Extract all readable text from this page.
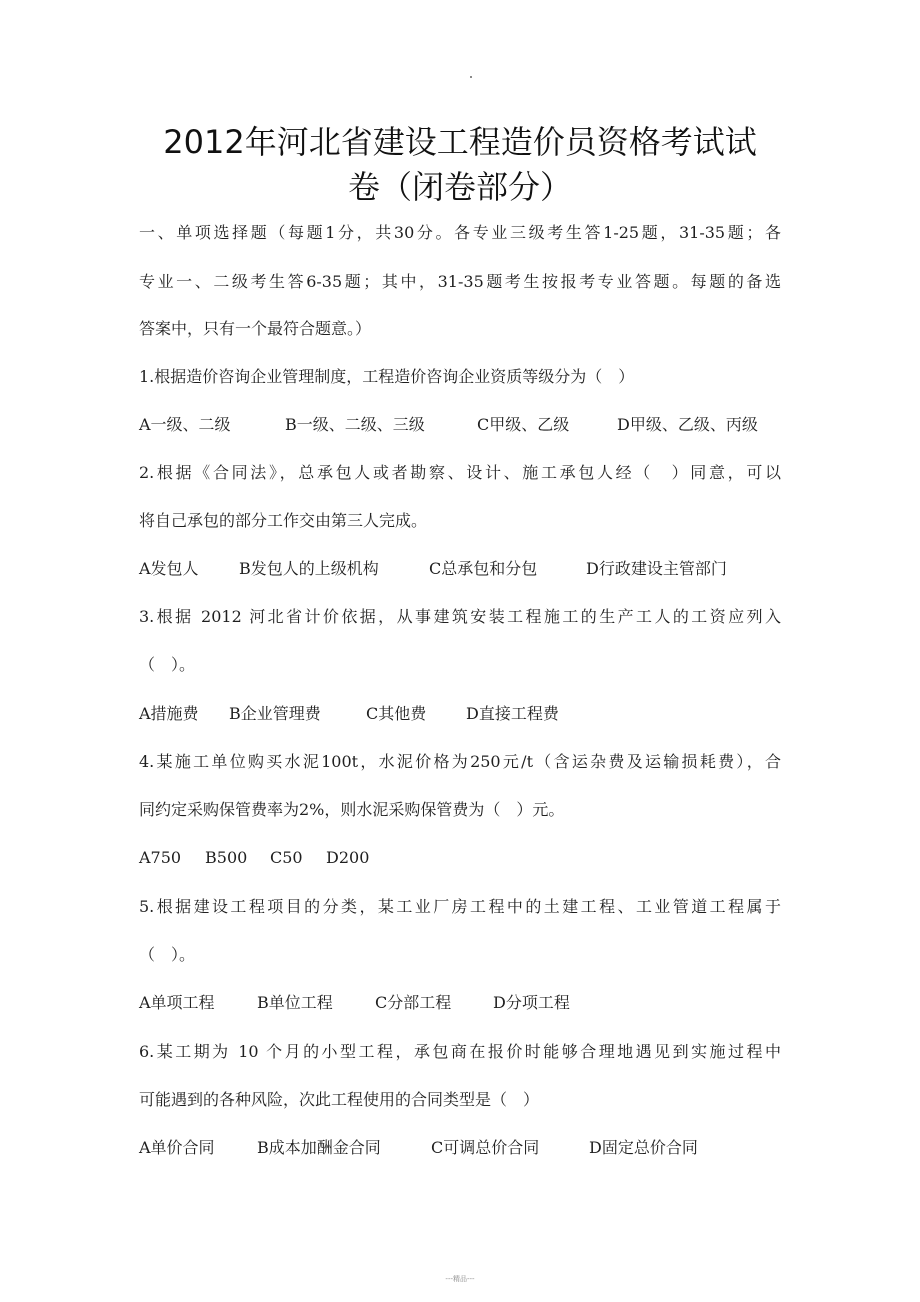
2012年河北省建设工程造价员资格考试试
卷（闭卷部分）
一、单项选择题（每题1分，共30分。各专业三级考生答1-25题，31-35题；各
专业一、二级考生答6-35题；其中，31-35题考生按报考专业答题。每题的备选
答案中，只有一个最符合题意。）
1.根据造价咨询企业管理制度，工程造价咨询企业资质等级分为（　）
A一级、二级	B一级、二级、三级	C甲级、乙级	D甲级、乙级、丙级
2.根据《合同法》，总承包人或者勘察、设计、施工承包人经（　）同意，可以
将自己承包的部分工作交由第三人完成。
A发包人	B发包人的上级机构	C总承包和分包	D行政建设主管部门
3.根据 2012 河北省计价依据，从事建筑安装工程施工的生产工人的工资应列入
（　）。
A措施费	B企业管理费	C其他费	D直接工程费
4.某施工单位购买水泥100t，水泥价格为250元/t（含运杂费及运输损耗费），合
同约定采购保管费率为2%，则水泥采购保管费为（　）元。
A750	B500	C50	D200
5.根据建设工程项目的分类，某工业厂房工程中的土建工程、工业管道工程属于
（　）。
A单项工程	B单位工程	C分部工程	D分项工程
6.某工期为 10 个月的小型工程，承包商在报价时能够合理地遇见到实施过程中
可能遇到的各种风险，次此工程使用的合同类型是（　）
A单价合同	B成本加酬金合同	C可调总价合同	D固定总价合同
---精品---
